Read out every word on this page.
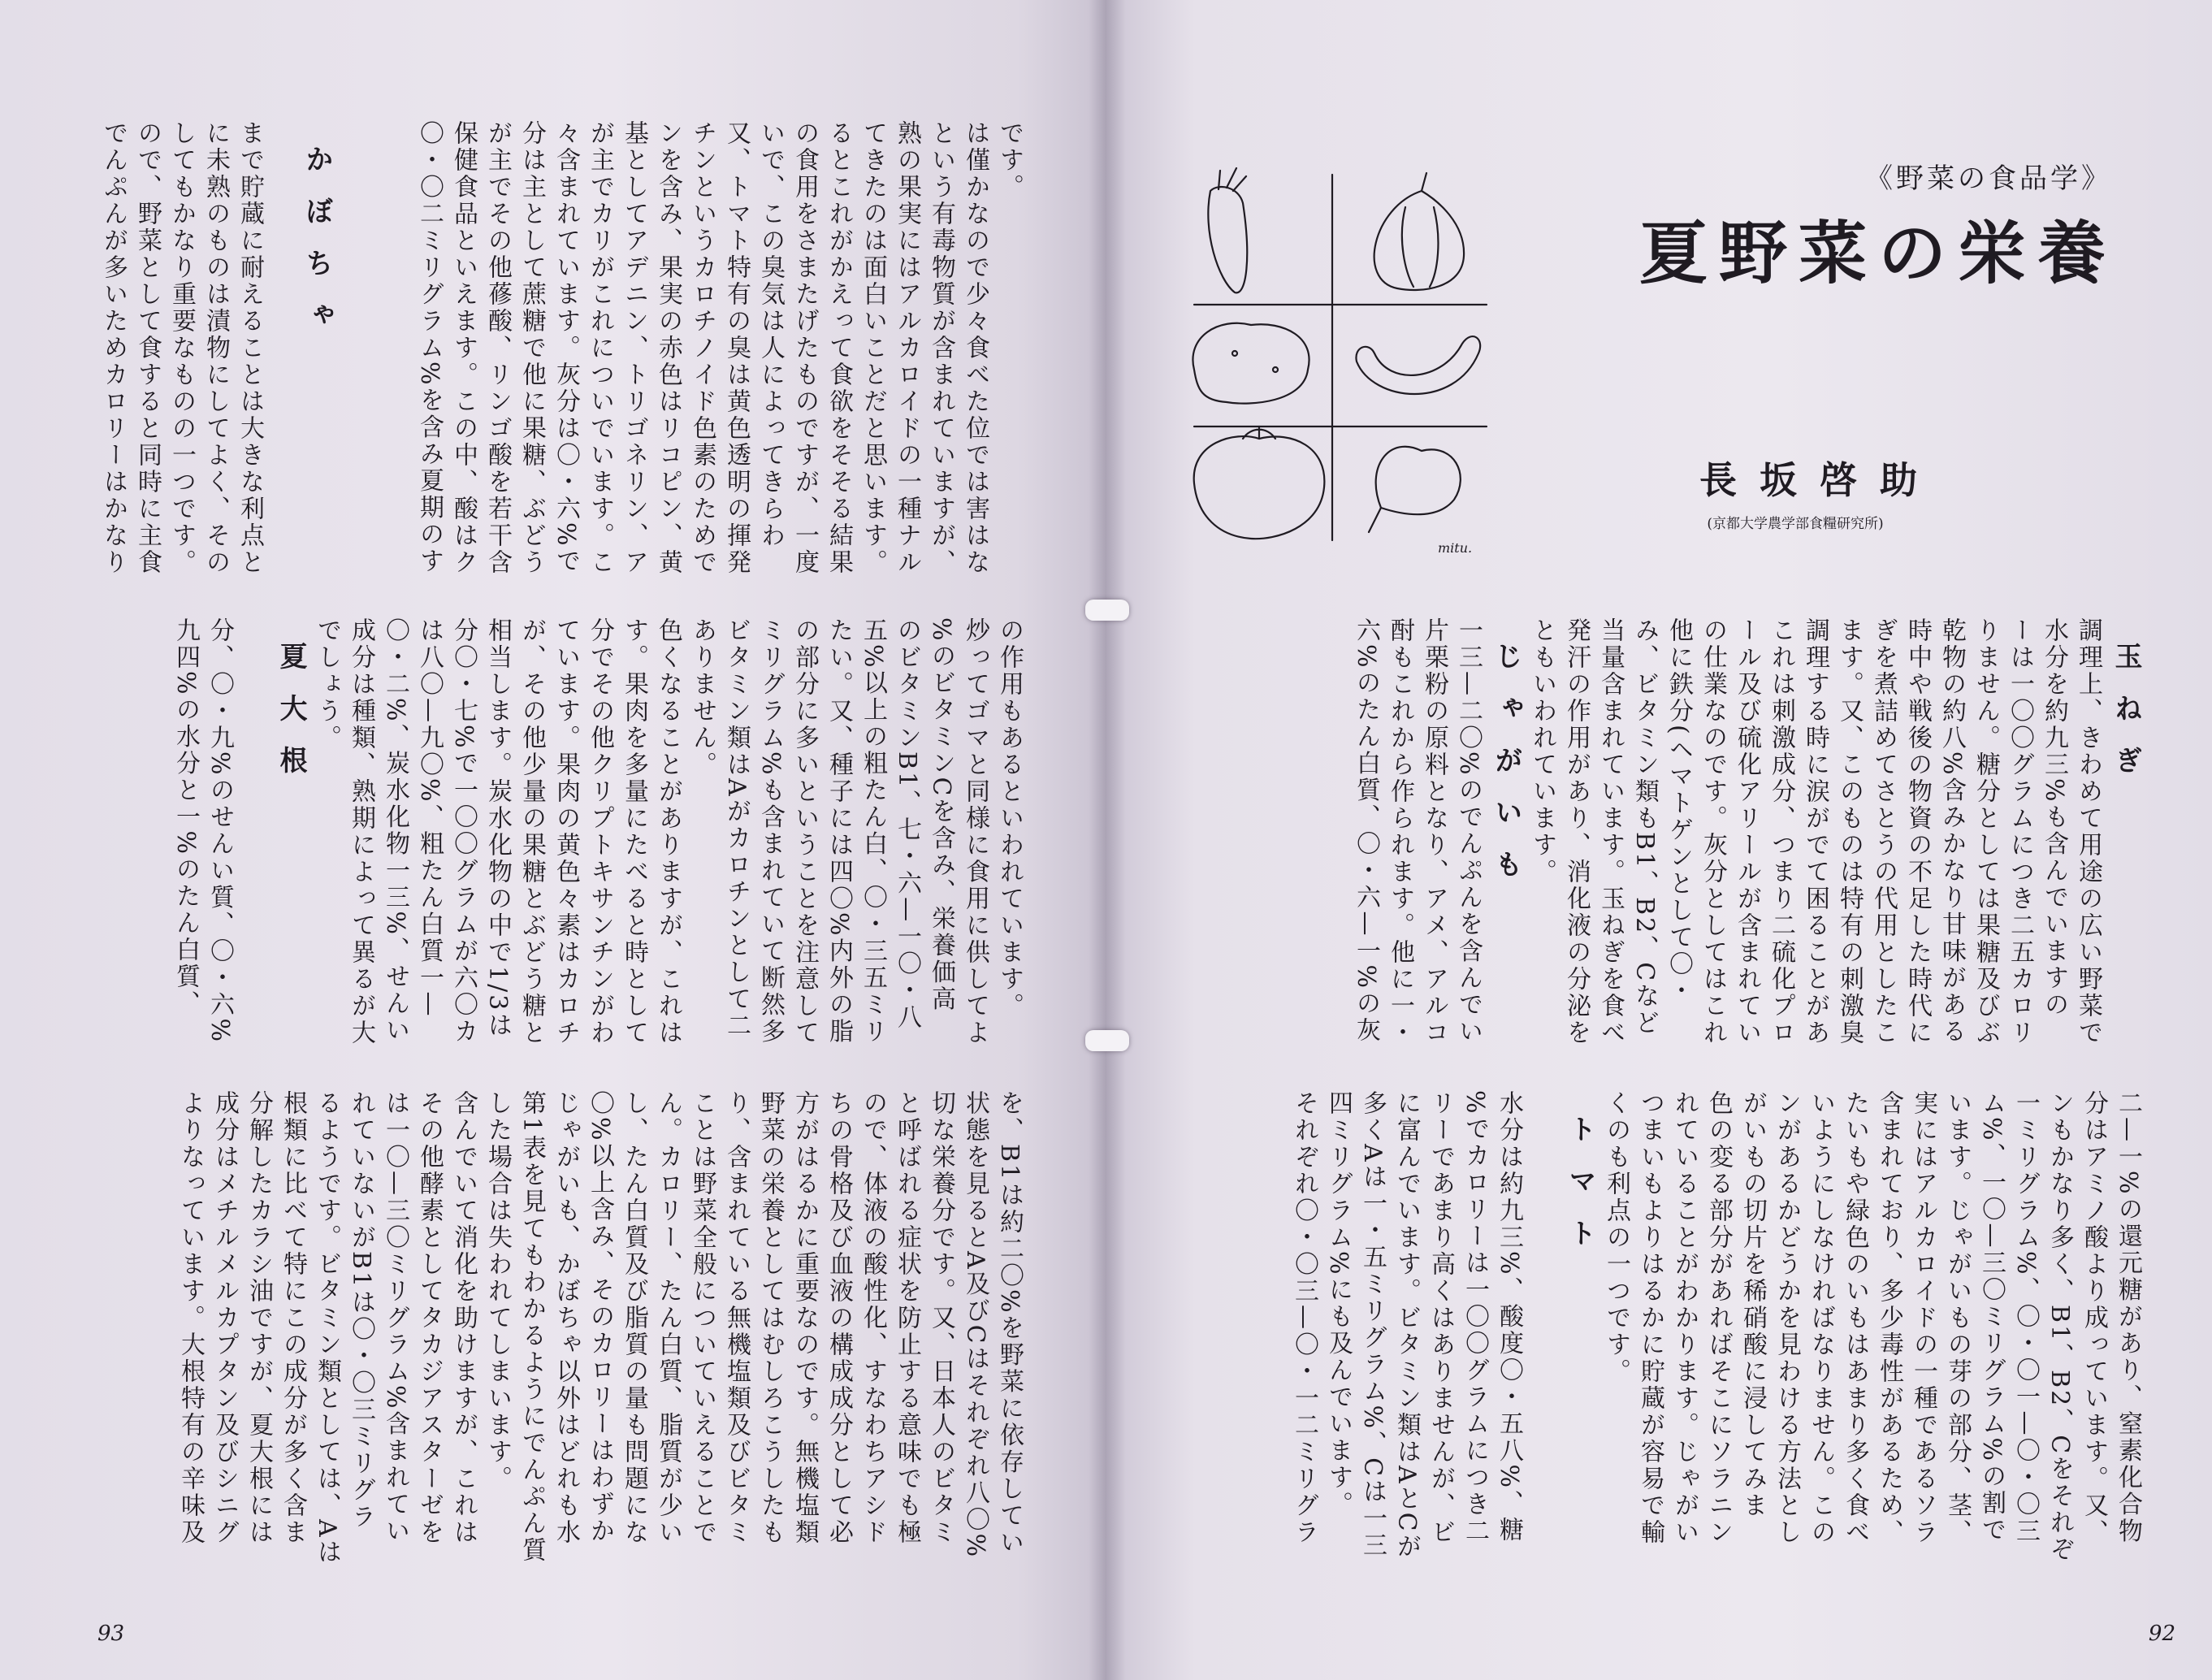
です。
は僅かなので少々食べた位では害はな
という有毒物質が含まれていますが、
熟の果実にはアルカロイドの一種ナル
てきたのは面白いことだと思います。
るとこれがかえって食欲をそそる結果
の食用をさまたげたものですが、一度
いで、この臭気は人によってきらわ
又、トマト特有の臭は黄色透明の揮発
チンというカロチノイド色素のためで
ンを含み、果実の赤色はリコピン、黄
基としてアデニン、トリゴネリン、ア
が主でカリがこれについでいます。こ
々含まれています。灰分は〇・六%で
分は主として蔗糖で他に果糖、ぶどう
が主でその他蓚酸、リンゴ酸を若干含
保健食品といえます。この中、酸はク
〇・〇二ミリグラム%を含み夏期のす
かぼちゃ
まで貯蔵に耐えることは大きな利点と
に未熟のものは漬物にしてよく、その
してもかなり重要なものの一つです。
ので、野菜として食すると同時に主食
でんぷんが多いためカロリーはかなり
の作用もあるといわれています。
炒ってゴマと同様に食用に供してよ
%のビタミンCを含み、栄養価高
のビタミンB1、七・六—一〇・八
五%以上の粗たん白、〇・三五ミリ
たい。又、種子には四〇%内外の脂
の部分に多いということを注意して
ミリグラム%も含まれていて断然多
ビタミン類はAがカロチンとして二
ありません。
色くなることがありますが、これは
す。果肉を多量にたべると時として
分でその他クリプトキサンチンがわ
ています。果肉の黄色々素はカロチ
が、その他少量の果糖とぶどう糖と
相当します。炭水化物の中で1/3は
分〇・七%で一〇〇グラムが六〇カ
は八〇—九〇%、粗たん白質一—
〇・二%、炭水化物一三%、せんい
成分は種類、熟期によって異るが大
でしょう。
夏大根
分、〇・九%のせんい質、〇・六%
九四%の水分と一%のたん白質、
を、B1は約二〇%を野菜に依存してい
状態を見るとA及びCはそれぞれ八〇%
切な栄養分です。又、日本人のビタミ
と呼ばれる症状を防止する意味でも極
ので、体液の酸性化、すなわちアシド
ちの骨格及び血液の構成成分として必
方がはるかに重要なのです。無機塩類
野菜の栄養としてはむしろこうしたも
り、含まれている無機塩類及びビタミ
ことは野菜全般についていえることで
ん。カロリー、たん白質、脂質が少い
し、たん白質及び脂質の量も問題にな
〇%以上含み、そのカロリーはわずか
じゃがいも、かぼちゃ以外はどれも水
第1表を見てもわかるようにでんぷん質
した場合は失われてしまいます。
含んでいて消化を助けますが、これは
その他酵素としてタカジアスターゼを
は一〇—三〇ミリグラム%含まれてい
れていないがB1は〇・〇三ミリグラ
るようです。ビタミン類としては、Aは
根類に比べて特にこの成分が多く含ま
分解したカラシ油ですが、夏大根には
成分はメチルメルカプタン及びシニグ
よりなっています。大根特有の辛味及
93
玉ねぎ
調理上、きわめて用途の広い野菜で
水分を約九三%も含んでいますの
ーは一〇〇グラムにつき二五カロリ
りません。糖分としては果糖及びぶ
乾物の約八%含みかなり甘味がある
時中や戦後の物資の不足した時代に
ぎを煮詰めてさとうの代用としたこ
ます。又、このものは特有の刺激臭
調理する時に涙がでて困ることがあ
これは刺激成分、つまり二硫化プロ
ール及び硫化アリールが含まれてい
の仕業なのです。灰分としてはこれ
他に鉄分(ヘマトゲンとして〇・
み、ビタミン類もB1、B2、Cなど
当量含まれています。玉ねぎを食べ
発汗の作用があり、消化液の分泌を
ともいわれています。
じゃがいも
一三—二〇%のでんぷんを含んでい
片栗粉の原料となり、アメ、アルコ
酎もこれから作られます。他に一・
六%のたん白質、〇・六—一%の灰
二—一%の還元糖があり、窒素化合物
分はアミノ酸より成っています。又、
ンもかなり多く、B1、B2、Cをそれぞ
一ミリグラム%、〇・〇一—〇・〇三
ム%、一〇—三〇ミリグラム%の割で
います。じゃがいもの芽の部分、茎、
実にはアルカロイドの一種であるソラ
含まれており、多少毒性があるため、
たいもや緑色のいもはあまり多く食べ
いようにしなければなりません。この
ンがあるかどうかを見わける方法とし
がいもの切片を稀硝酸に浸してみま
色の変る部分があればそこにソラニン
れていることがわかります。じゃがい
つまいもよりはるかに貯蔵が容易で輸
くのも利点の一つです。
トマト
水分は約九三%、酸度〇・五八%、糖
%でカロリーは一〇〇グラムにつき二
リーであまり高くはありませんが、ビ
に富んでいます。ビタミン類はAとCが
多くAは一・五ミリグラム%、Cは一三
四ミリグラム%にも及んでいます。
それぞれ〇・〇三—〇・一二ミリグラ
92
《野菜の食品学》
夏野菜の栄養
長坂啓助
(京都大学農学部食糧研究所)
mitu.
